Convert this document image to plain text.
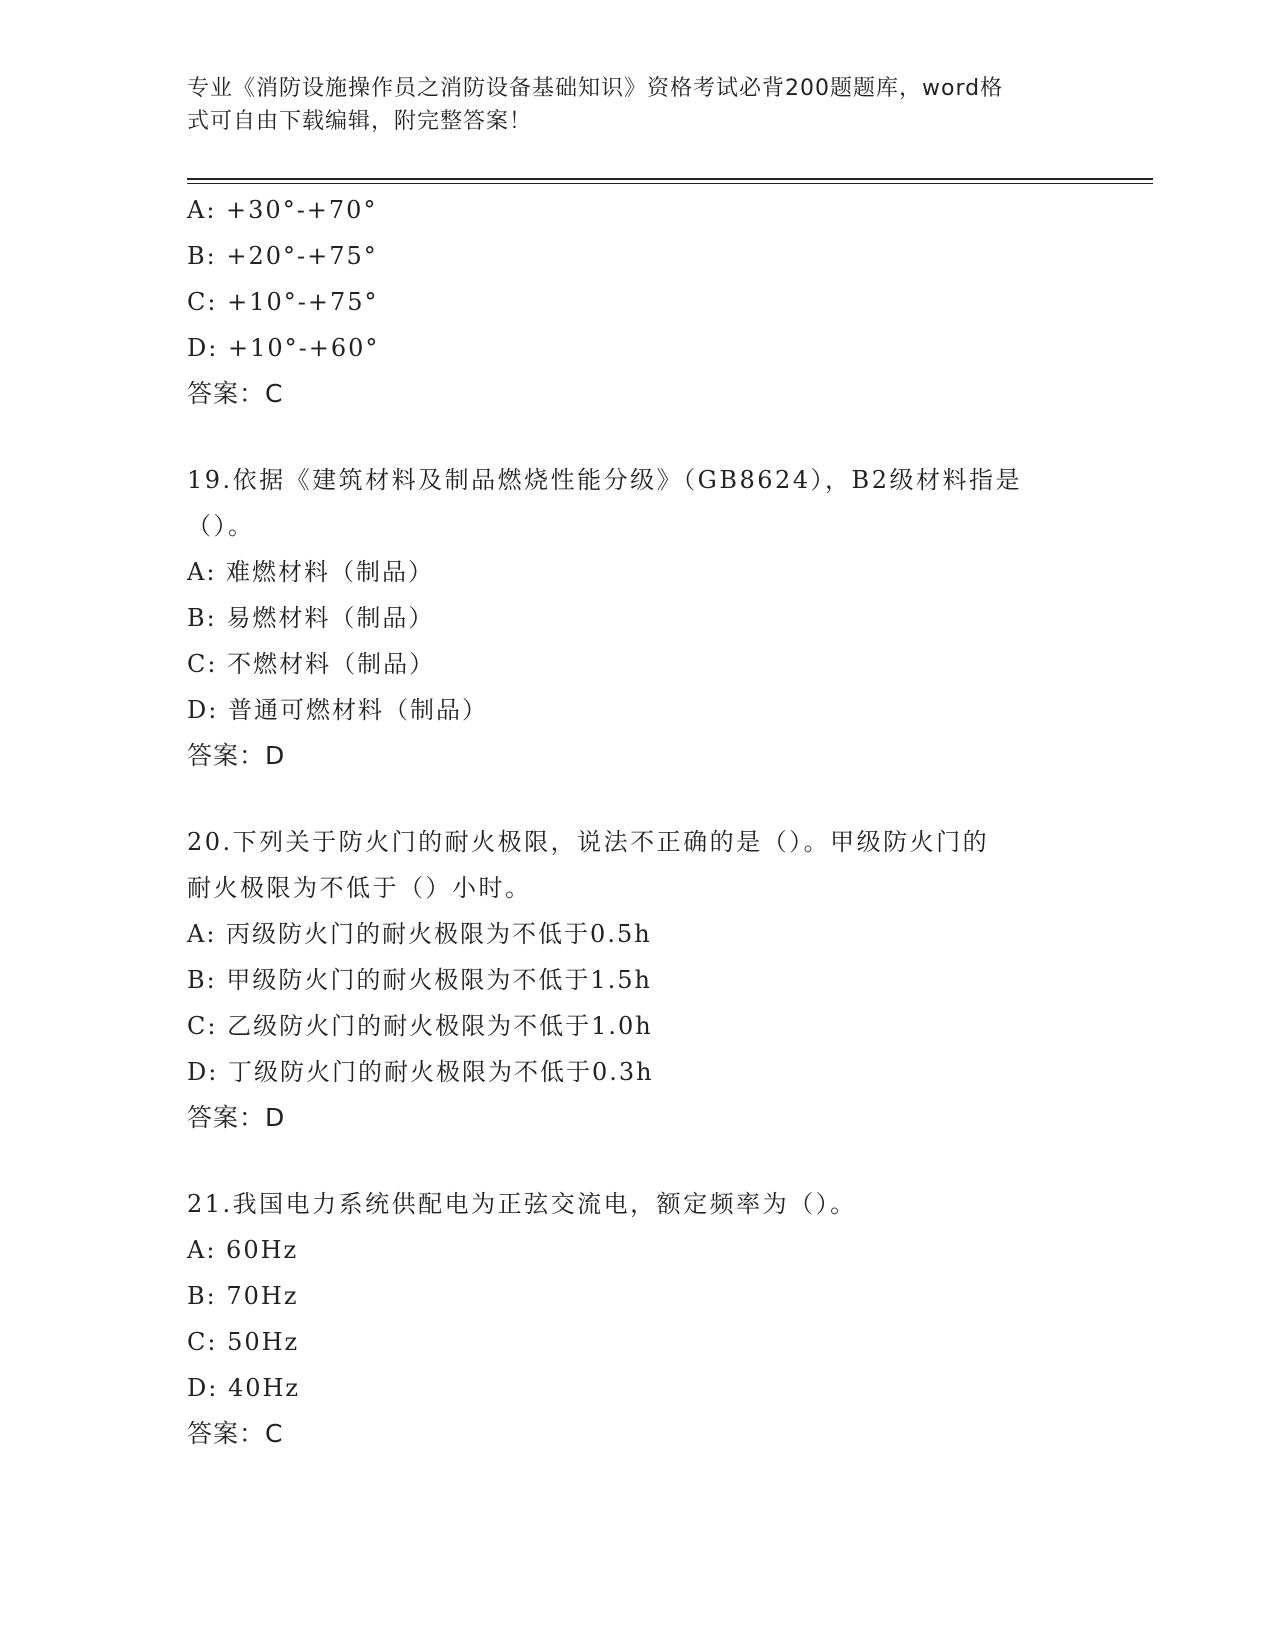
专业《消防设施操作员之消防设备基础知识》资格考试必背200题题库，word格
式可自由下载编辑，附完整答案！
A: +30°-+70°
B: +20°-+75°
C: +10°-+75°
D: +10°-+60°
答案：C
19.依据《建筑材料及制品燃烧性能分级》（GB8624），B2级材料指是
（）。
A: 难燃材料（制品）
B: 易燃材料（制品）
C: 不燃材料（制品）
D: 普通可燃材料（制品）
答案：D
20.下列关于防火门的耐火极限，说法不正确的是（）。甲级防火门的
耐火极限为不低于（）小时。
A: 丙级防火门的耐火极限为不低于0.5h
B: 甲级防火门的耐火极限为不低于1.5h
C: 乙级防火门的耐火极限为不低于1.0h
D: 丁级防火门的耐火极限为不低于0.3h
答案：D
21.我国电力系统供配电为正弦交流电，额定频率为（）。
A: 60Hz
B: 70Hz
C: 50Hz
D: 40Hz
答案：C
